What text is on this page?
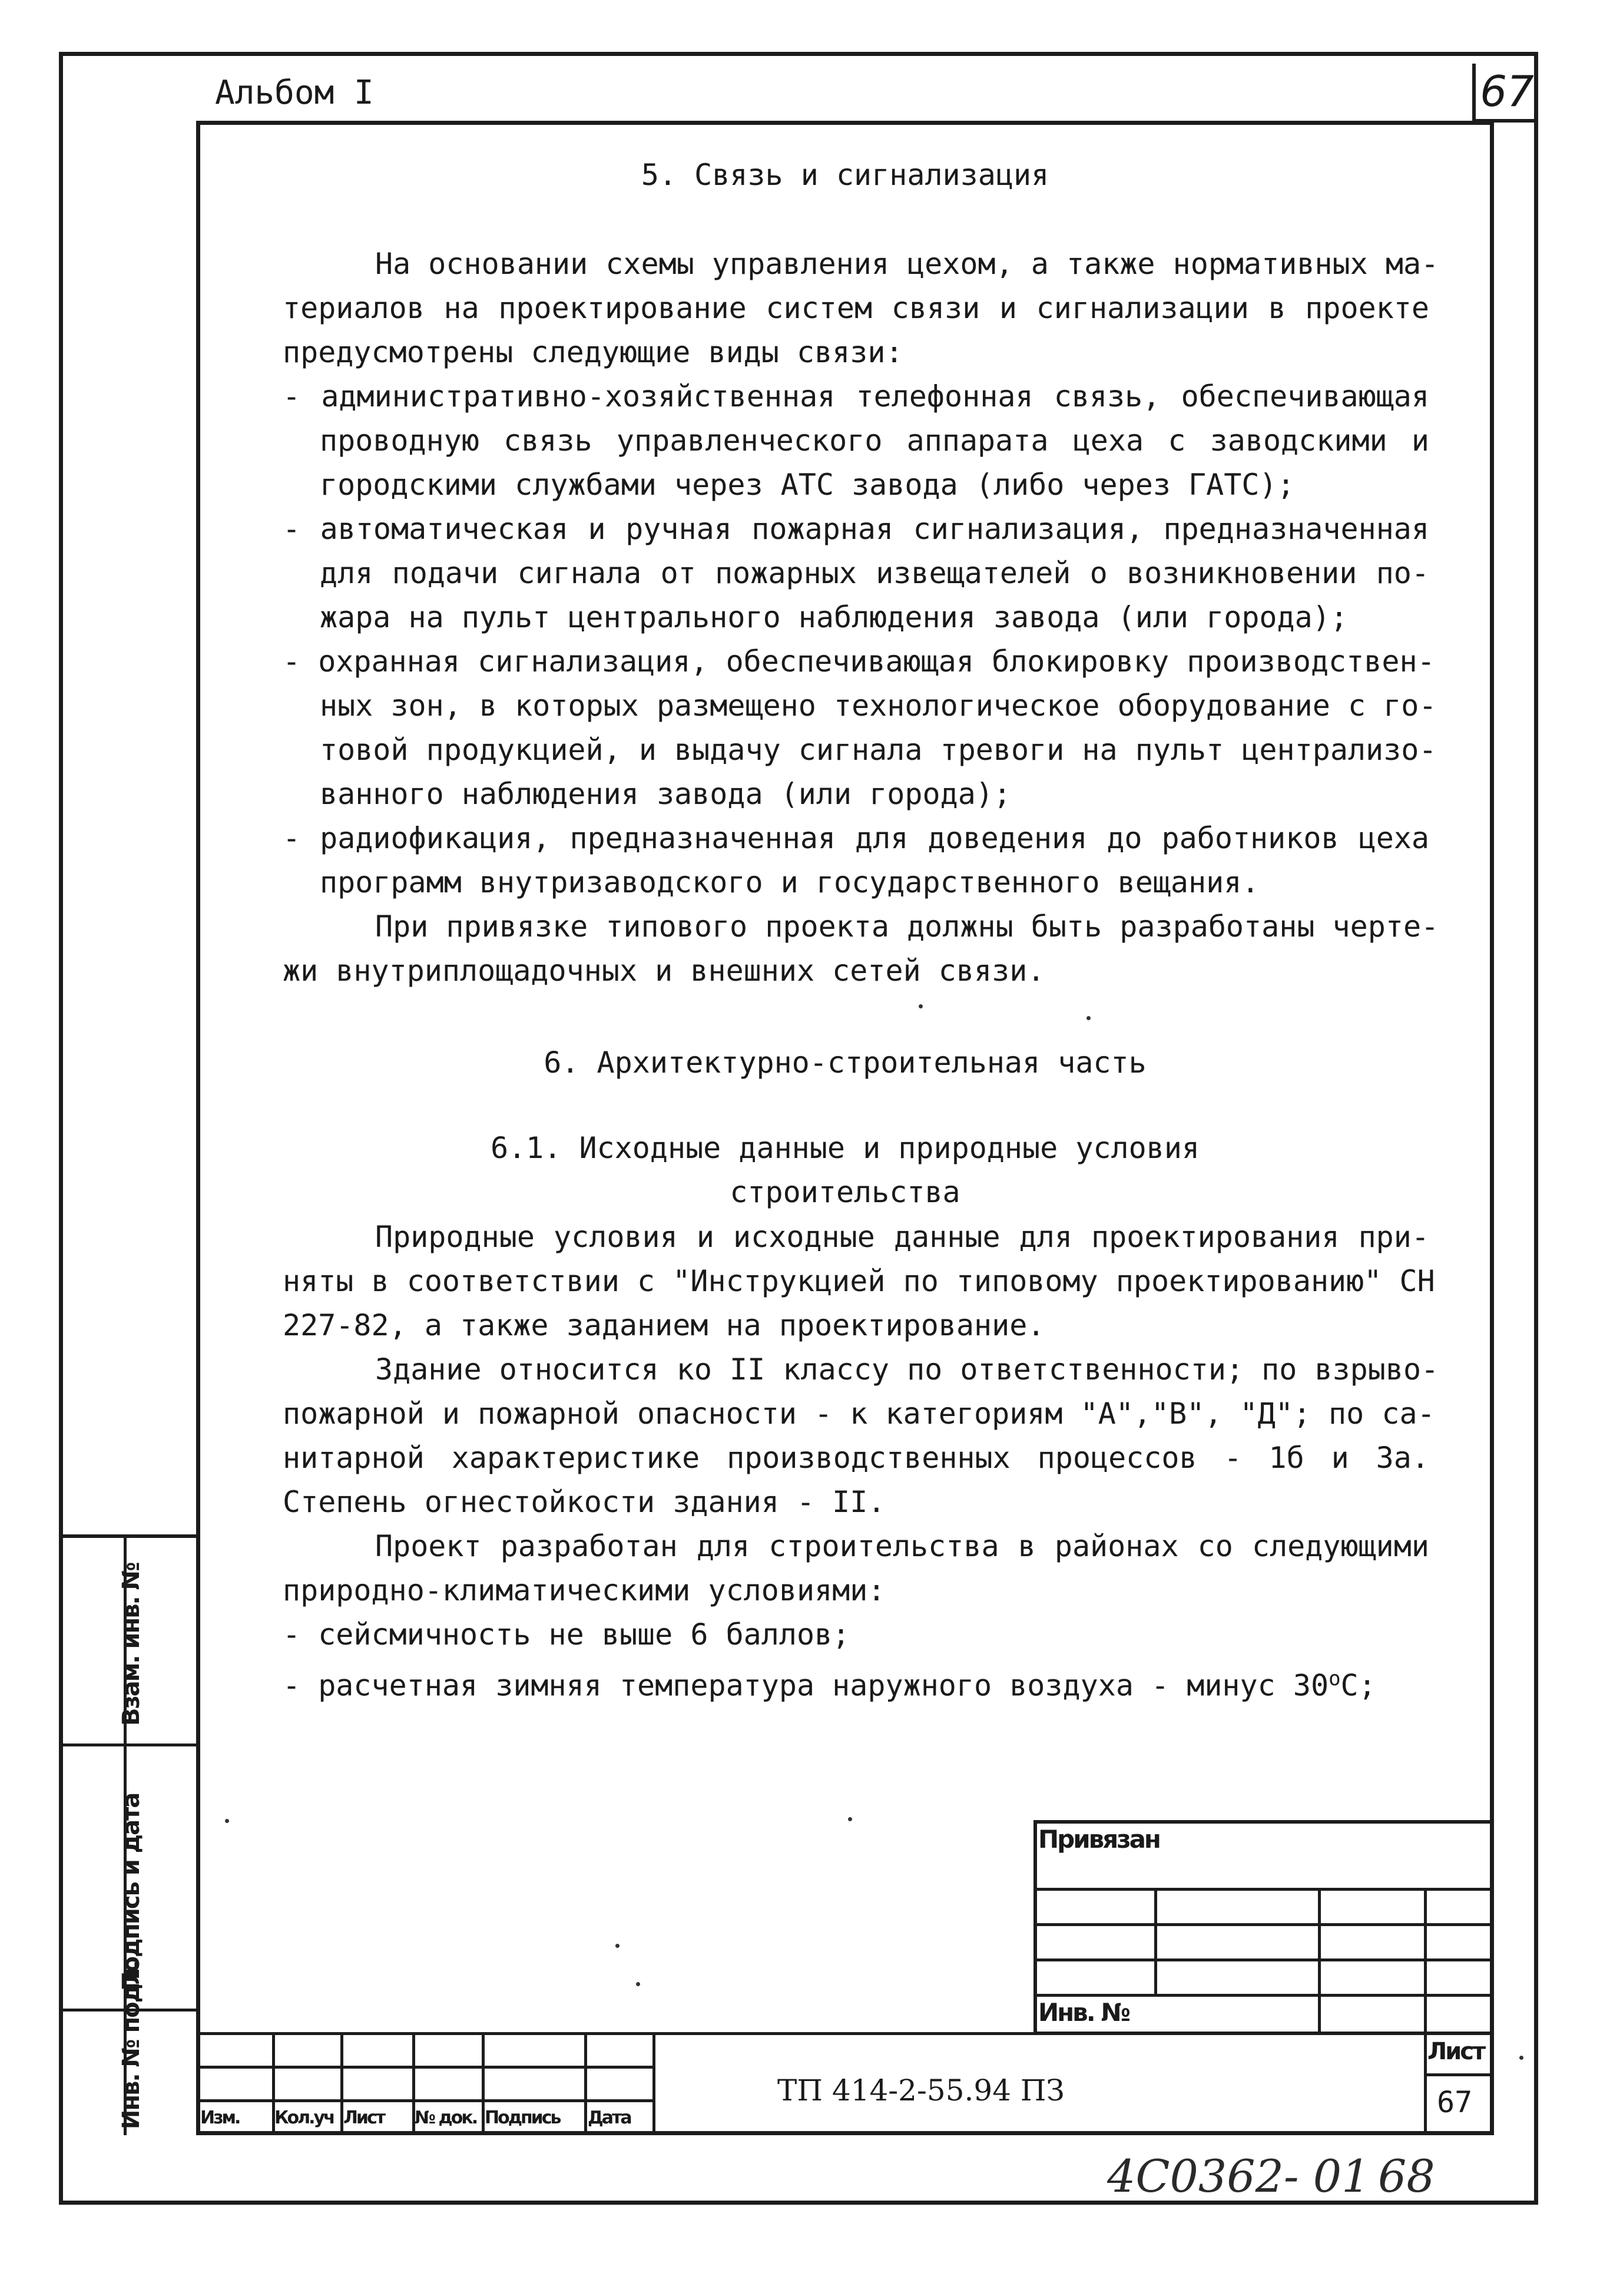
Альбом I	67
5. Связь и сигнализация
На основании схемы управления цехом, а также нормативных ма-
териалов на проектирование систем связи и сигнализации в проекте
предусмотрены следующие виды связи:
- административно-хозяйственная телефонная связь, обеспечивающая
проводную связь управленческого аппарата цеха с заводскими и
городскими службами через АТС завода (либо через ГАТС);
- автоматическая и ручная пожарная сигнализация, предназначенная
для подачи сигнала от пожарных извещателей о возникновении по-
жара на пульт центрального наблюдения завода (или города);
- охранная сигнализация, обеспечивающая блокировку производствен-
ных зон, в которых размещено технологическое оборудование с го-
товой продукцией, и выдачу сигнала тревоги на пульт централизо-
ванного наблюдения завода (или города);
- радиофикация, предназначенная для доведения до работников цеха
программ внутризаводского и государственного вещания.
При привязке типового проекта должны быть разработаны черте-
жи внутриплощадочных и внешних сетей связи.
6. Архитектурно-строительная часть
6.1. Исходные данные и природные условия
строительства
Природные условия и исходные данные для проектирования при-
няты в соответствии с "Инструкцией по типовому проектированию" СН
227-82, а также заданием на проектирование.
Здание относится ко II классу по ответственности; по взрыво-
пожарной и пожарной опасности - к категориям "А","В", "Д"; по са-
нитарной характеристике производственных процессов - 1б и 3а.
Степень огнестойкости здания - II.
Проект разработан для строительства в районах со следующими
природно-климатическими условиями:
- сейсмичность не выше 6 баллов;
- расчетная зимняя температура наружного воздуха - минус $30^оС$;
Привязан
Инв. №
Изм. Кол.уч Лист № док. Подпись Дата
ТП 414-2-55.94 ПЗ
Лист
67
Взам. инв. №
Подпись и дата
Инв. № подл.
4С0362- 01 68
